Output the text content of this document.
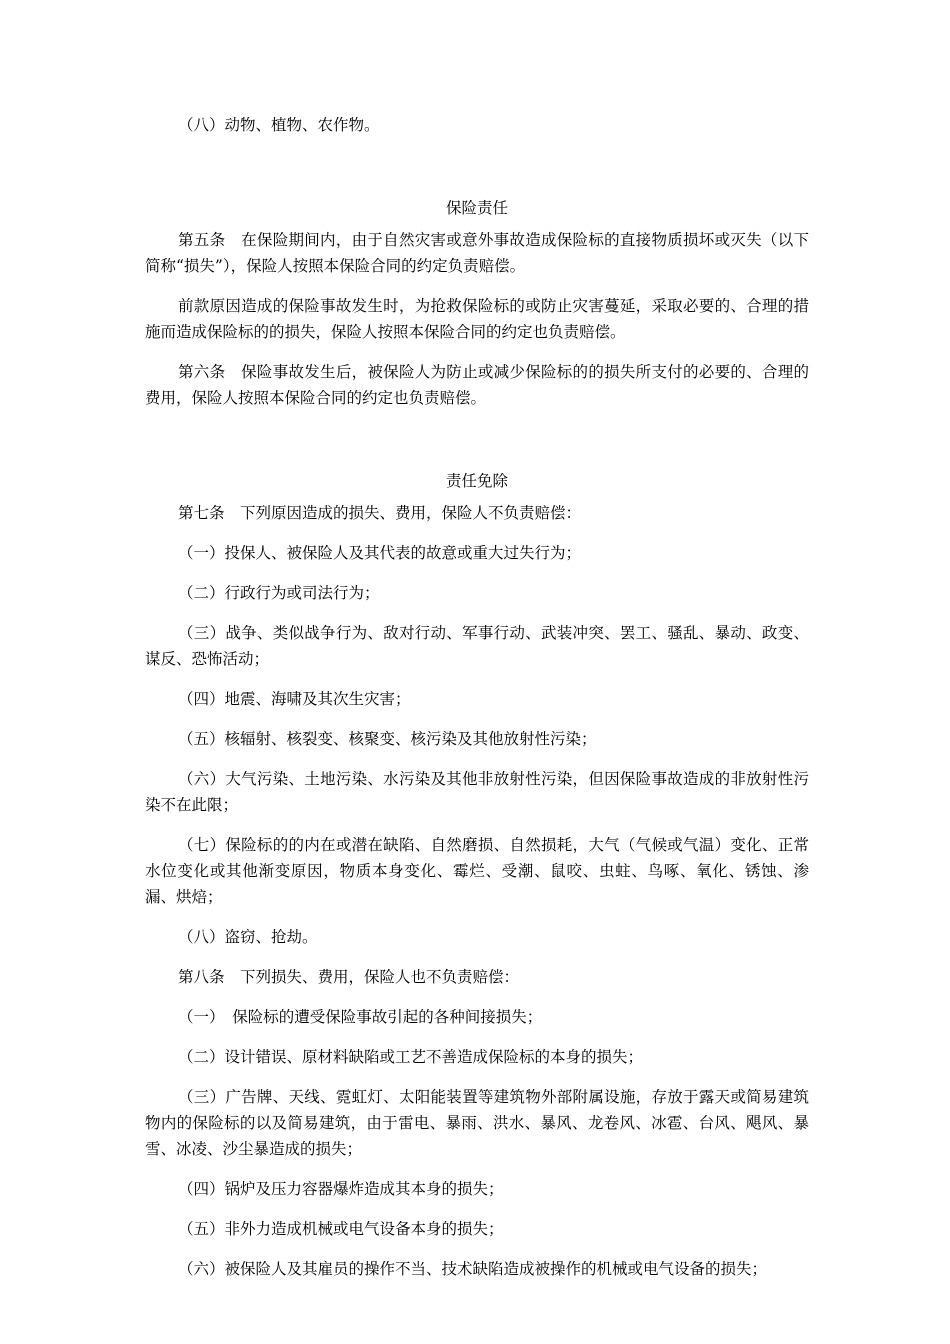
（八）动物、植物、农作物。

保险责任

第五条　在保险期间内，由于自然灾害或意外事故造成保险标的直接物质损坏或灭失（以下简称“损失”），保险人按照本保险合同的约定负责赔偿。

前款原因造成的保险事故发生时，为抢救保险标的或防止灾害蔓延，采取必要的、合理的措施而造成保险标的的损失，保险人按照本保险合同的约定也负责赔偿。

第六条　保险事故发生后，被保险人为防止或减少保险标的的损失所支付的必要的、合理的费用，保险人按照本保险合同的约定也负责赔偿。

责任免除

第七条　下列原因造成的损失、费用，保险人不负责赔偿：

（一）投保人、被保险人及其代表的故意或重大过失行为；

（二）行政行为或司法行为；

（三）战争、类似战争行为、敌对行动、军事行动、武装冲突、罢工、骚乱、暴动、政变、谋反、恐怖活动；

（四）地震、海啸及其次生灾害；

（五）核辐射、核裂变、核聚变、核污染及其他放射性污染；

（六）大气污染、土地污染、水污染及其他非放射性污染，但因保险事故造成的非放射性污染不在此限；

（七）保险标的的内在或潜在缺陷、自然磨损、自然损耗，大气（气候或气温）变化、正常水位变化或其他渐变原因，物质本身变化、霉烂、受潮、鼠咬、虫蛀、鸟啄、氧化、锈蚀、渗漏、烘焙；

（八）盗窃、抢劫。

第八条　下列损失、费用，保险人也不负责赔偿：

（一）　保险标的遭受保险事故引起的各种间接损失；

（二）设计错误、原材料缺陷或工艺不善造成保险标的本身的损失；

（三）广告牌、天线、霓虹灯、太阳能装置等建筑物外部附属设施，存放于露天或简易建筑物内的保险标的以及简易建筑，由于雷电、暴雨、洪水、暴风、龙卷风、冰雹、台风、飓风、暴雪、冰凌、沙尘暴造成的损失；

（四）锅炉及压力容器爆炸造成其本身的损失；

（五）非外力造成机械或电气设备本身的损失；

（六）被保险人及其雇员的操作不当、技术缺陷造成被操作的机械或电气设备的损失；
